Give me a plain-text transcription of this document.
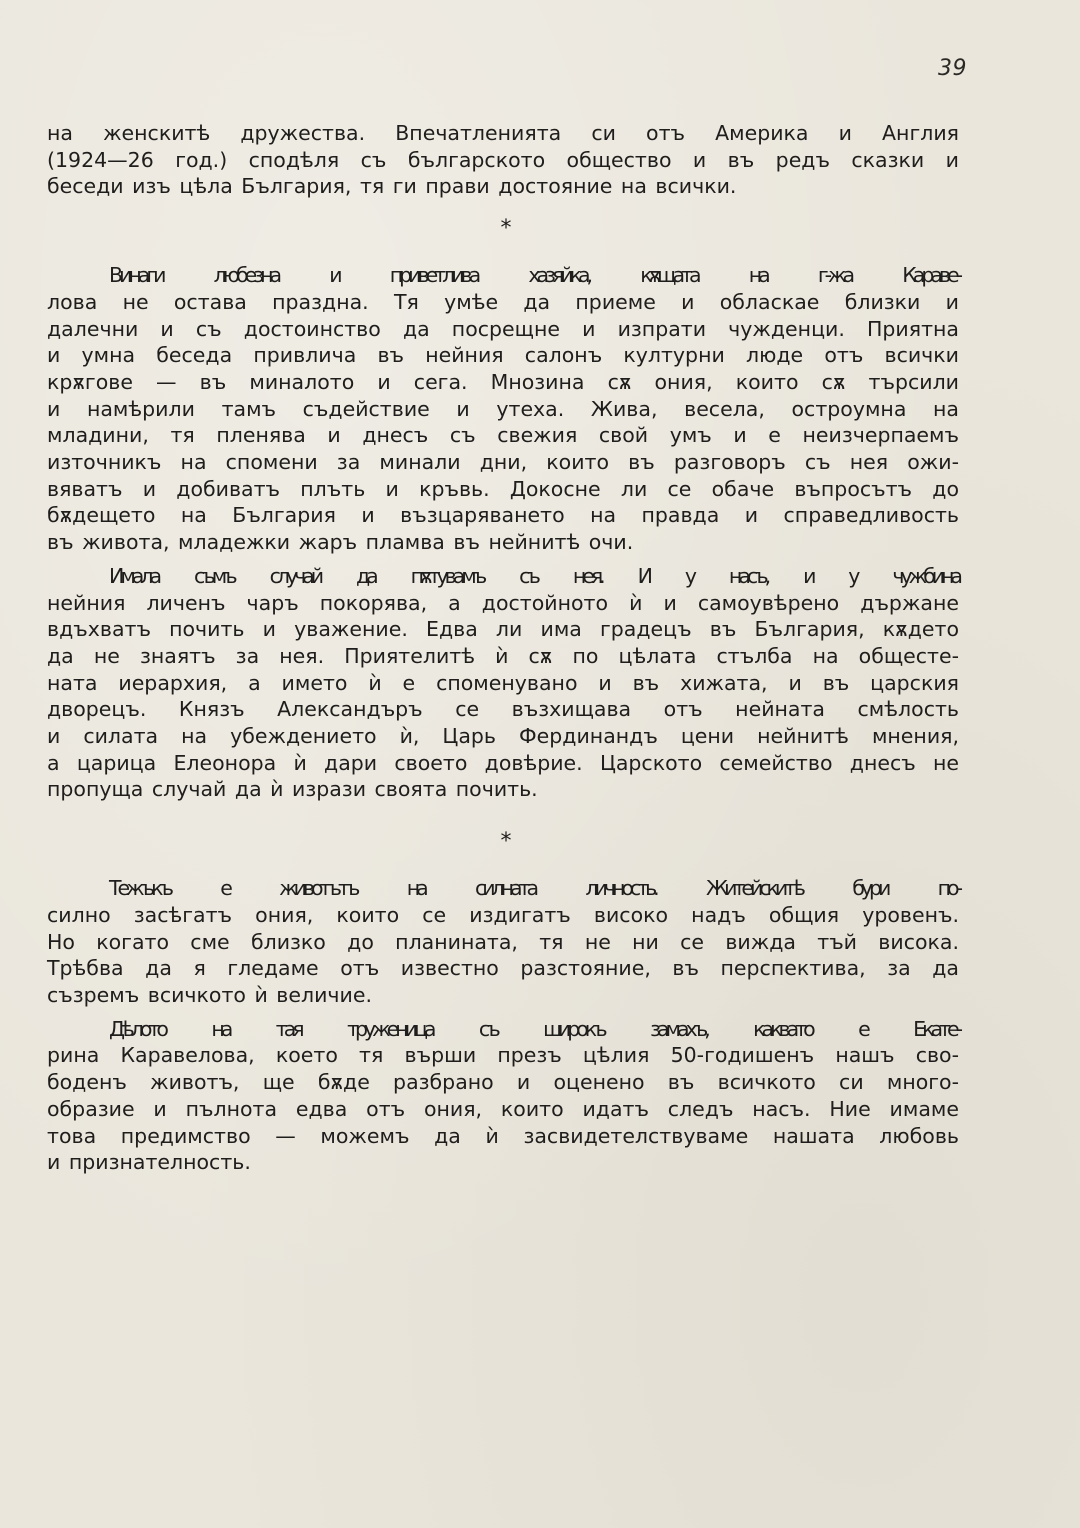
39
на женскитѣ дружества. Впечатленията си отъ Америка и Англия
(1924—26 год.) сподѣля съ българското общество и въ редъ сказки и
беседи изъ цѣла България, тя ги прави достояние на всички.
*
Винаги любезна и приветлива хазяйка, кѫщата на г-жа Караве-
лова не остава праздна. Тя умѣе да приеме и обласкае близки и
далечни и съ достоинство да посрещне и изпрати чужденци. Приятна
и умна беседа привлича въ нейния салонъ културни люде отъ всички
крѫгове — въ миналото и сега. Мнозина сѫ ония, които сѫ търсили
и намѣрили тамъ съдействие и утеха. Жива, весела, остроумна на
младини, тя пленява и днесъ съ свежия свой умъ и е неизчерпаемъ
източникъ на спомени за минали дни, които въ разговоръ съ нея ожи-
вяватъ и добиватъ плъть и кръвь. Докосне ли се обаче въпросътъ до
бѫдещето на България и възцаряването на правда и справедливость
въ живота, младежки жаръ пламва въ нейнитѣ очи.
Имала съмъ случай да пѫтувамъ съ нея. И у насъ, и у чужбина
нейния личенъ чаръ покорява, а достойното ѝ и самоувѣрено държане
вдъхватъ почить и уважение. Едва ли има градецъ въ България, кѫдето
да не знаятъ за нея. Приятелитѣ ѝ сѫ по цѣлата стълба на общесте-
ната иерархия, а името ѝ е споменувано и въ хижата, и въ царския
дворецъ. Князъ Александъръ се възхищава отъ нейната смѣлость
и силата на убеждението ѝ, Царь Фердинандъ цени нейнитѣ мнения,
а царица Елеонора ѝ дари своето довѣрие. Царското семейство днесъ не
пропуща случай да ѝ изрази своята почить.
*
Тежъкъ е животътъ на силната личность. Житейскитѣ бури по-
силно засѣгатъ ония, които се издигатъ високо надъ общия уровенъ.
Но когато сме близко до планината, тя не ни се вижда тъй висока.
Трѣбва да я гледаме отъ известно разстояние, въ перспектива, за да
съзремъ всичкото ѝ величие.
Дѣлото на тая труженица съ широкъ замахъ, каквато е Екате-
рина Каравелова, което тя върши презъ цѣлия 50-годишенъ нашъ сво-
боденъ животъ, ще бѫде разбрано и оценено въ всичкото си много-
образие и пълнота едва отъ ония, които идатъ следъ насъ. Ние имаме
това предимство — можемъ да ѝ засвидетелствуваме нашата любовь
и признателность.
